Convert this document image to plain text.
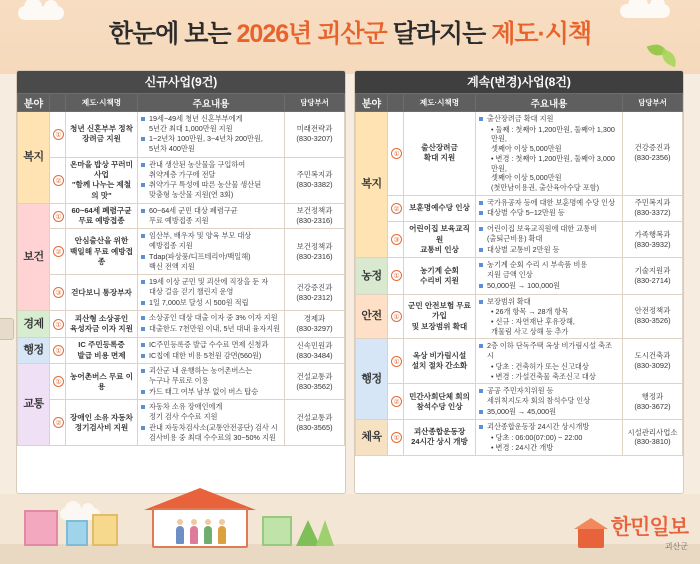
한눈에 보는 2026년 괴산군 달라지는 제도·시책
신규사업(9건)
분야		제도·시책명	주요내용	담당부서
복지	①	청년 신혼부부 정착
장려금 지원	19세~49세 청년 신혼부부에게
5년간 최대 1,000만원 지원
1~2년차 100만원, 3~4년차 200만원,
5년차 400만원	미래전략과
(830-3207)

	②	온마을 밥상 꾸러미 사업
"함께 나누는 제철의 맛"	관내 생산된 농산물을 구입하여
취약계층 가구에 전달
취약가구 특성에 따른 농산물 생산된
맞춤형 농산물 지원(연 3회)	주민복지과
(830-3382)

보건	①	60~64세 폐렴구균
무료 예방접종	60~64세 군민 대상 폐렴구균
무료 예방접종 지원	보건정책과
(830-2316)

	②	안심출산을 위한
백일해 무료 예방접종	임산부, 배우자 및 양육 부모 대상
예방접종 지원
Tdap(파상풍/디프테리아/백일해)
백신 전액 지원	보건정책과
(830-2316)

	③	걷다보니 통장부자	19세 이상 군민 및 괴산에 직장을 둔 자
대상 걸음 걷기 챌린지 운영
1일 7,000보 달성 시 500원 적립	건강증진과
(830-2312)

경제	①	괴산형 소상공인
육성자금 이자 지원	소상공인 대상 대출 이자 중 3% 이자 지원
대출한도 7천만원 이내, 5년 대내 융자지원	경제과
(830-3297)

행정	①	IC 주민등록증
발급 비용 면제	IC주민등록증 발급 수수료 면제 신청과
IC칩에 대한 비용 5천원 감면(560원)	신속민원과
(830-3484)

교통	①	농어촌버스 무료 이용	괴산군 내 운행하는 농어촌버스는
누구나 무료로 이용
카드 태그 여부 남부 없이 버스 탑승	건설교통과
(830-3562)

	②	장애인 소유 자동차
정기검사비 지원	자동차 소유 장애인에게
정기 검사 수수료 지원
관내 자동차검사소(교통안전공단) 검사 시
검사비용 중 최대 수수료의 30~50% 지원	건설교통과
(830-3565)
계속(변경)사업(8건)
분야		제도·시책명	주요내용	담당부서
복지	①	출산장려금
확대 지원	
출산장려금 확대 지원
• 둘째 : 첫째아 1,200만원, 둘째아 1,300만원,
셋째아 이상 5,000만원
• 변경 : 첫째아 1,200만원, 둘째아 3,000만원,
셋째아 이상 5,000만원
(첫만남이용권, 출산육아수당 포함)

건강증진과
(830-2356)

	②	보훈명예수당 인상	국가유공자 등에 대한 보훈명예 수당 인상
대상별 수당 5~12만원 등	주민복지과
(830-3372)

	③	어린이집 보육교직원
교통비 인상	어린이집 보육교직원에 대한 교통비
(출퇴근비용) 확대
대상별 교통비 2만원 등	가족행복과
(830-3932)

농정	①	농기계 순회
수리비 지원	농기계 순회 수리 시 부속품 비용
지원 금액 인상
50,000원 → 100,000원	기술지원과
(830-2714)

안전	①	군민 안전보험 무료가입
및 보장범위 확대	보장범위 확대
• 26개 항목 → 28개 항목
• 신규 : 자연재난 후유장해,
개물림 사고 상해 등 추가	안전정책과
(830-3526)

행정	①	옥상 비가림시설
설치 절차 간소화	2층 이하 단독주택 옥상 비가림시설 축조 시
• 당초 : 건축허가 또는 신고대상
• 변경 : 가설건축물 축조신고 대상	도시건축과
(830-3092)

	②	민간사회단체 회의
참석수당 인상	공공 주민자치위원 등
세위칙지도자 회의 참석수당 인상
35,000원 → 45,000원	행정과
(830-3672)

체육	①	괴산종합운동장
24시간 상시 개방	괴산종합운동장 24시간 상시개방
• 당초 : 06:00(07:00) ~ 22:00
• 변경 : 24시간 개방	시설관리사업소
(830-3810)
한민일보
괴산군
